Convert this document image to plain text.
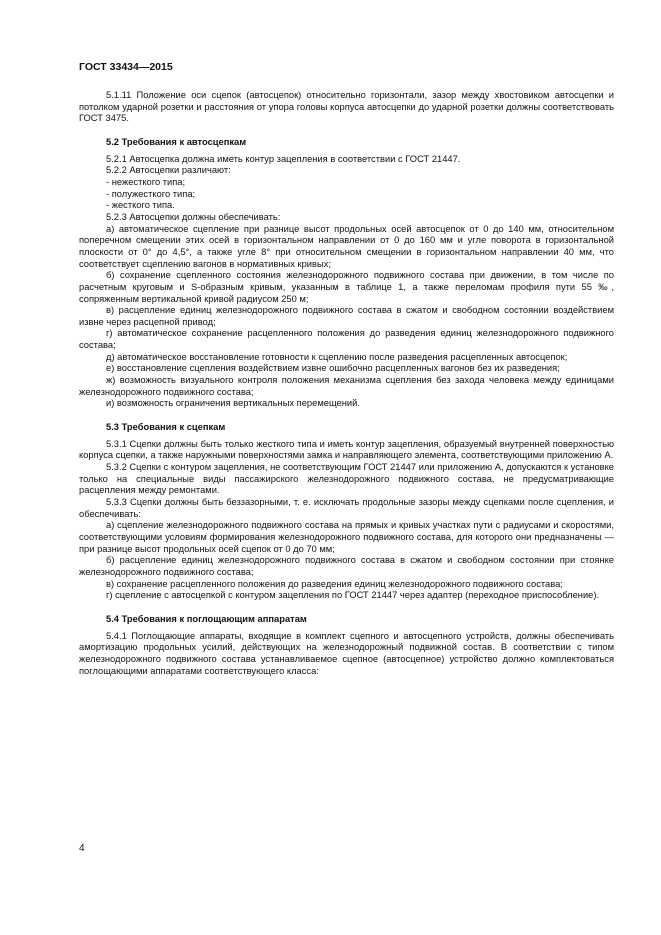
ГОСТ 33434—2015

5.1.11 Положение оси сцепок (автосцепок) относительно горизонтали, зазор между хвостовиком автосцепки и потолком ударной розетки и расстояния от упора головы корпуса автосцепки до ударной розетки должны соответствовать ГОСТ 3475.

5.2 Требования к автосцепкам

5.2.1 Автосцепка должна иметь контур зацепления в соответствии с ГОСТ 21447.

5.2.2 Автосцепки различают:

- нежесткого типа;

- полужесткого типа;

- жесткого типа.

5.2.3 Автосцепки должны обеспечивать:

а) автоматическое сцепление при разнице высот продольных осей автосцепок от 0 до 140 мм, относительном поперечном смещении этих осей в горизонтальном направлении от 0 до 160 мм и угле поворота в горизонтальной плоскости от 0° до 4,5°, а также угле 8° при относительном смещении в горизонтальном направлении 40 мм, что соответствует сцеплению вагонов в нормативных кривых;

б) сохранение сцепленного состояния железнодорожного подвижного состава при движении, в том числе по расчетным круговым и S-образным кривым, указанным в таблице 1, а также переломам профиля пути 55 ‰, сопряженным вертикальной кривой радиусом 250 м;

в) расцепление единиц железнодорожного подвижного состава в сжатом и свободном состоянии воздействием извне через расцепной привод;

г) автоматическое сохранение расцепленного положения до разведения единиц железнодорожного подвижного состава;

д) автоматическое восстановление готовности к сцеплению после разведения расцепленных автосцепок;

е) восстановление сцепления воздействием извне ошибочно расцепленных вагонов без их разведения;

ж) возможность визуального контроля положения механизма сцепления без захода человека между единицами железнодорожного подвижного состава;

и) возможность ограничения вертикальных перемещений.

5.3 Требования к сцепкам

5.3.1 Сцепки должны быть только жесткого типа и иметь контур зацепления, образуемый внутренней поверхностью корпуса сцепки, а также наружными поверхностями замка и направляющего элемента, соответствующими приложению А.

5.3.2 Сцепки с контуром зацепления, не соответствующим ГОСТ 21447 или приложению А, допускаются к установке только на специальные виды пассажирского железнодорожного подвижного состава, не предусматривающие расцепления между ремонтами.

5.3.3 Сцепки должны быть беззазорными, т. е. исключать продольные зазоры между сцепками после сцепления, и обеспечивать:

а) сцепление железнодорожного подвижного состава на прямых и кривых участках пути с радиусами и скоростями, соответствующими условиям формирования железнодорожного подвижного состава, для которого они предназначены — при разнице высот продольных осей сцепок от 0 до 70 мм;

б) расцепление единиц железнодорожного подвижного состава в сжатом и свободном состоянии при стоянке железнодорожного подвижного состава;

в) сохранение расцепленного положения до разведения единиц железнодорожного подвижного состава;

г) сцепление с автосцепкой с контуром зацепления по ГОСТ 21447 через адаптер (переходное приспособление).

5.4 Требования к поглощающим аппаратам

5.4.1 Поглощающие аппараты, входящие в комплект сцепного и автосцепного устройств, должны обеспечивать амортизацию продольных усилий, действующих на железнодорожный подвижной состав. В соответствии с типом железнодорожного подвижного состава устанавливаемое сцепное (автосцепное) устройство должно комплектоваться поглощающими аппаратами соответствующего класса:

4
